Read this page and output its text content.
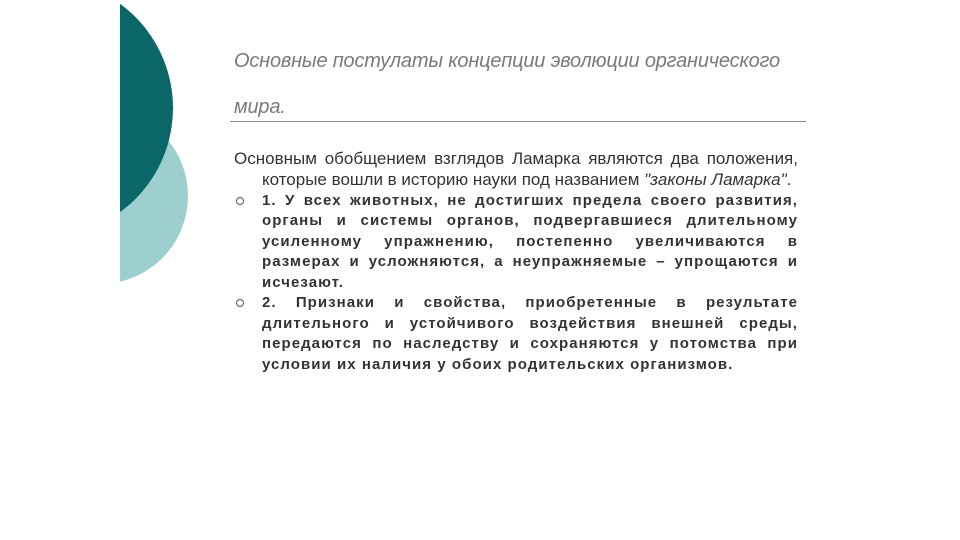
Основные постулаты концепции эволюции органического мира.

Основным обобщением взглядов Ламарка являются два положения, которые вошли в историю науки под названием "законы Ламарка".

1. У всех животных, не достигших предела своего развития, органы и системы органов, подвергавшиеся длительному усиленному упражнению, постепенно увеличиваются в размерах и усложняются, а неупражняемые – упрощаются и исчезают.
2. Признаки и свойства, приобретенные в результате длительного и устойчивого воздействия внешней среды, передаются по наследству и сохраняются у потомства при условии их наличия у обоих родительских организмов.
